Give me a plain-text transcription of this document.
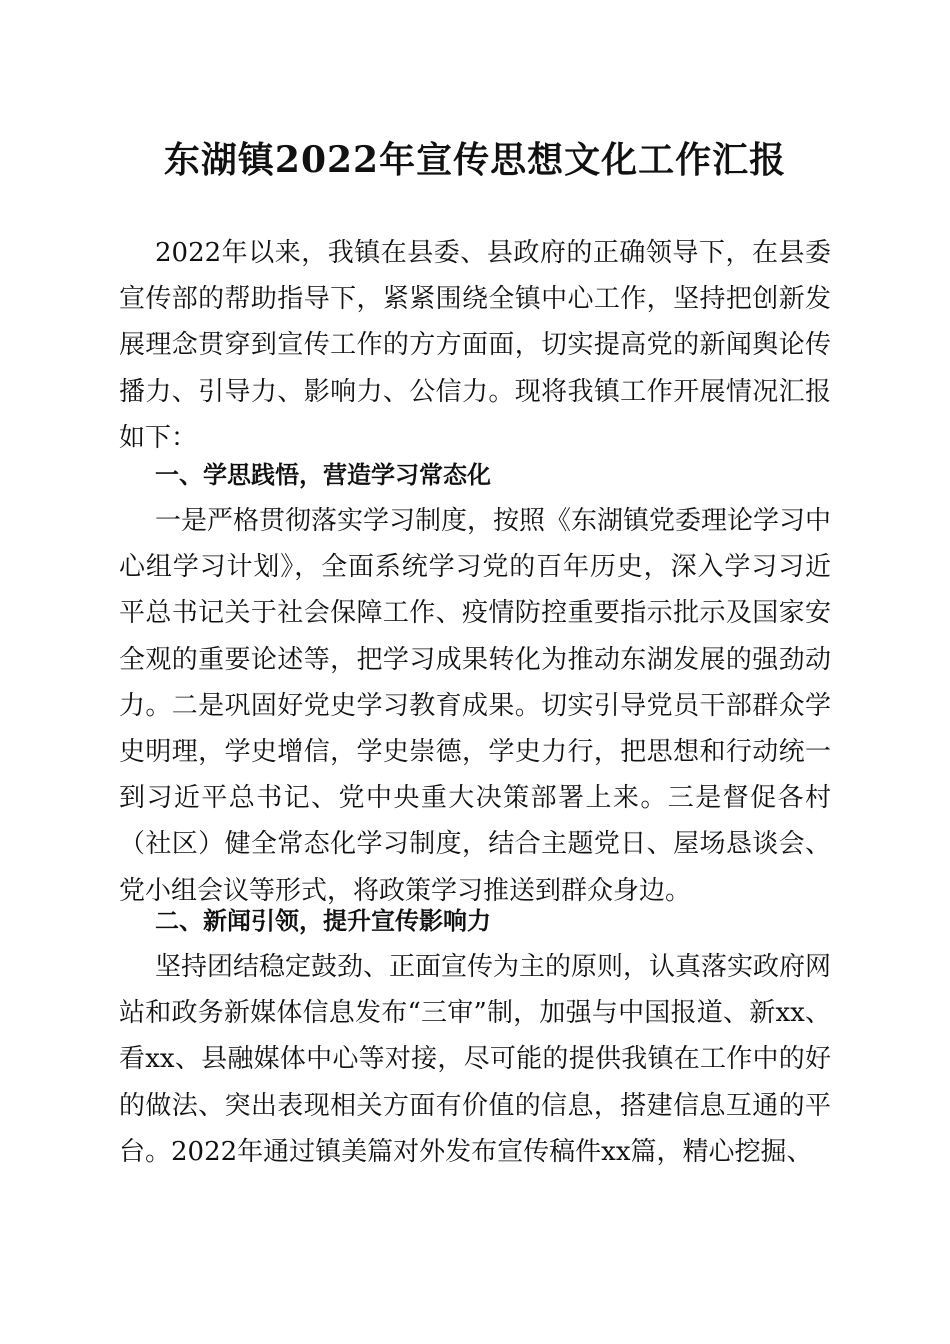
东湖镇2022年宣传思想文化工作汇报

2022年以来，我镇在县委、县政府的正确领导下，在县委宣传部的帮助指导下，紧紧围绕全镇中心工作，坚持把创新发展理念贯穿到宣传工作的方方面面，切实提高党的新闻舆论传播力、引导力、影响力、公信力。现将我镇工作开展情况汇报如下：

一、学思践悟，营造学习常态化

一是严格贯彻落实学习制度，按照《东湖镇党委理论学习中心组学习计划》，全面系统学习党的百年历史，深入学习习近平总书记关于社会保障工作、疫情防控重要指示批示及国家安全观的重要论述等，把学习成果转化为推动东湖发展的强劲动力。二是巩固好党史学习教育成果。切实引导党员干部群众学史明理，学史增信，学史崇德，学史力行，把思想和行动统一到习近平总书记、党中央重大决策部署上来。三是督促各村（社区）健全常态化学习制度，结合主题党日、屋场恳谈会、党小组会议等形式，将政策学习推送到群众身边。

二、新闻引领，提升宣传影响力

坚持团结稳定鼓劲、正面宣传为主的原则，认真落实政府网站和政务新媒体信息发布“三审”制，加强与中国报道、新xx、看xx、县融媒体中心等对接，尽可能的提供我镇在工作中的好的做法、突出表现相关方面有价值的信息，搭建信息互通的平台。2022年通过镇美篇对外发布宣传稿件xx篇，精心挖掘、
